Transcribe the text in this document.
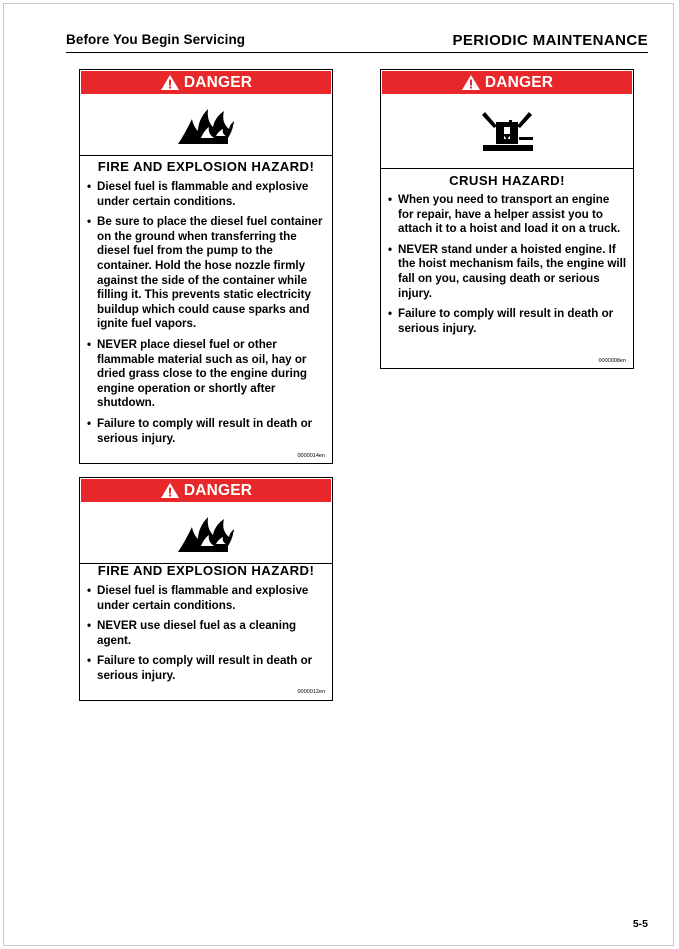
Before You Begin Servicing	PERIODIC MAINTENANCE
DANGER
FIRE AND EXPLOSION HAZARD!
• Diesel fuel is flammable and explosive under certain conditions.
• Be sure to place the diesel fuel container on the ground when transferring the diesel fuel from the pump to the container. Hold the hose nozzle firmly against the side of the container while filling it. This prevents static electricity buildup which could cause sparks and ignite fuel vapors.
• NEVER place diesel fuel or other flammable material such as oil, hay or dried grass close to the engine during engine operation or shortly after shutdown.
• Failure to comply will result in death or serious injury.
0000014en
DANGER
CRUSH HAZARD!
• When you need to transport an engine for repair, have a helper assist you to attach it to a hoist and load it on a truck.
• NEVER stand under a hoisted engine. If the hoist mechanism fails, the engine will fall on you, causing death or serious injury.
• Failure to comply will result in death or serious injury.
0000008en
DANGER
FIRE AND EXPLOSION HAZARD!
• Diesel fuel is flammable and explosive under certain conditions.
• NEVER use diesel fuel as a cleaning agent.
• Failure to comply will result in death or serious injury.
0000012en
5-5
